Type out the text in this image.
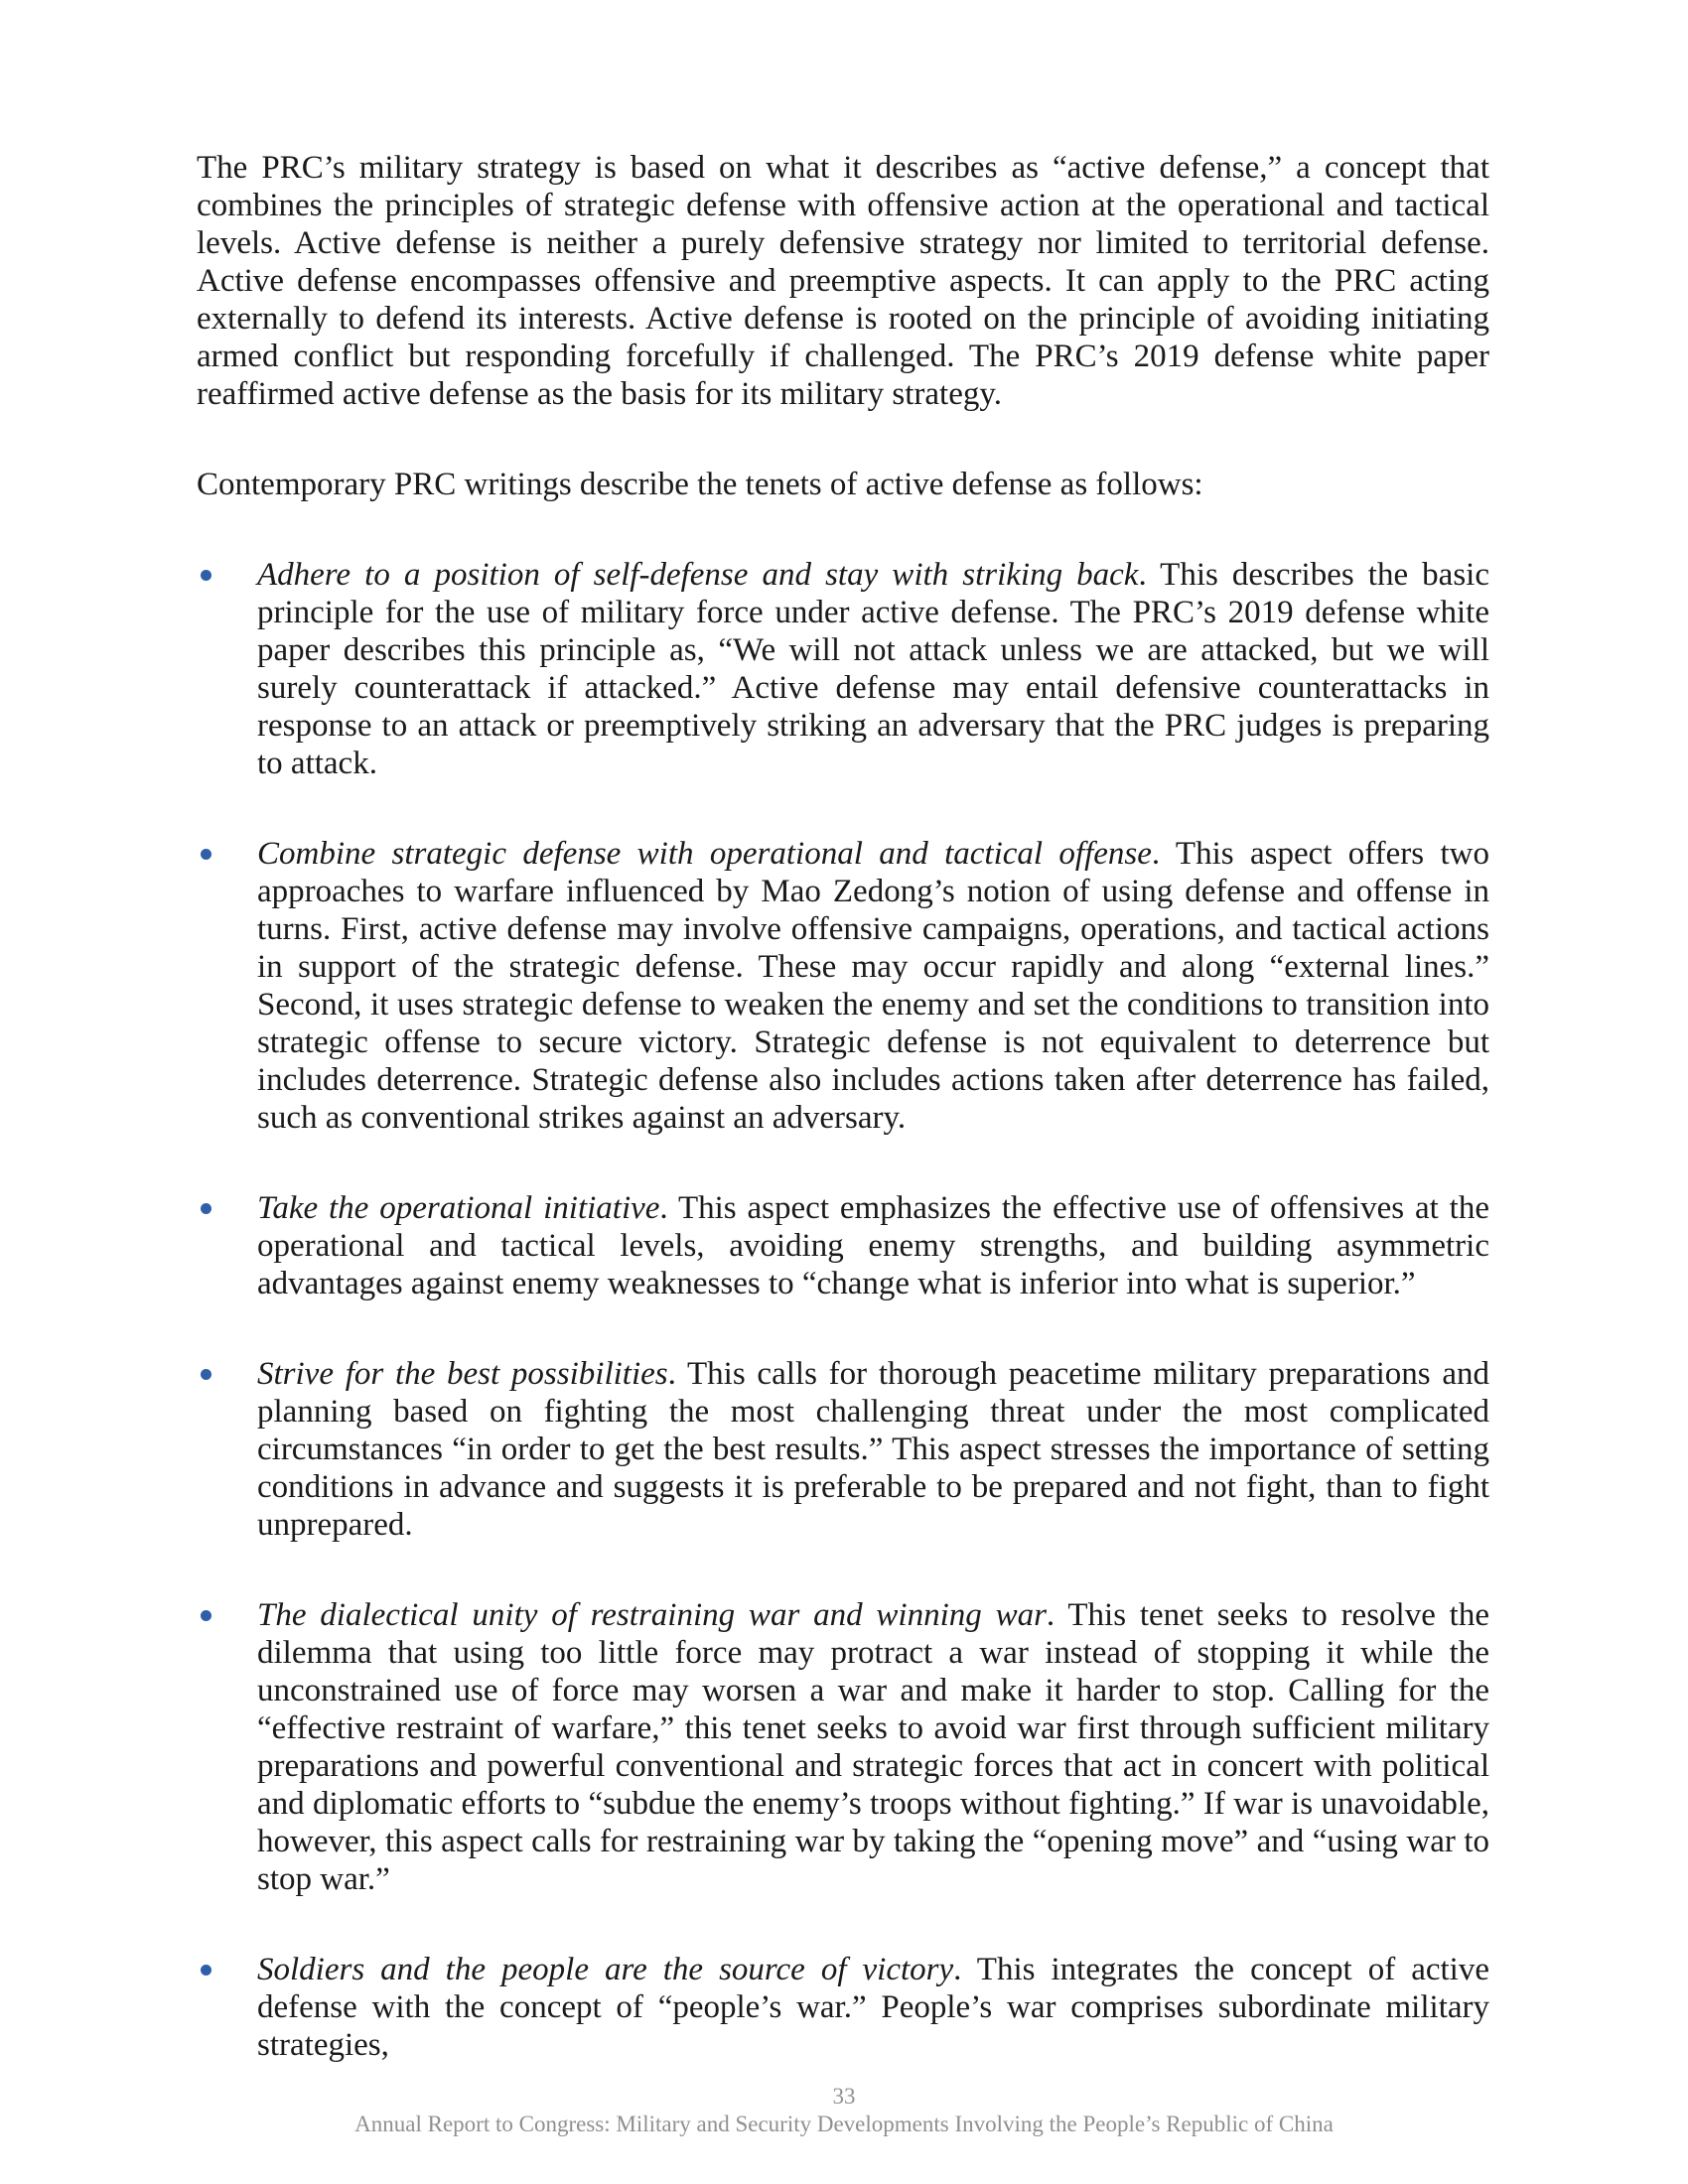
The PRC’s military strategy is based on what it describes as “active defense,” a concept that combines the principles of strategic defense with offensive action at the operational and tactical levels. Active defense is neither a purely defensive strategy nor limited to territorial defense. Active defense encompasses offensive and preemptive aspects. It can apply to the PRC acting externally to defend its interests. Active defense is rooted on the principle of avoiding initiating armed conflict but responding forcefully if challenged. The PRC’s 2019 defense white paper reaffirmed active defense as the basis for its military strategy.

Contemporary PRC writings describe the tenets of active defense as follows:

Adhere to a position of self-defense and stay with striking back. This describes the basic principle for the use of military force under active defense. The PRC’s 2019 defense white paper describes this principle as, “We will not attack unless we are attacked, but we will surely counterattack if attacked.” Active defense may entail defensive counterattacks in response to an attack or preemptively striking an adversary that the PRC judges is preparing to attack.
Combine strategic defense with operational and tactical offense. This aspect offers two approaches to warfare influenced by Mao Zedong’s notion of using defense and offense in turns. First, active defense may involve offensive campaigns, operations, and tactical actions in support of the strategic defense. These may occur rapidly and along “external lines.” Second, it uses strategic defense to weaken the enemy and set the conditions to transition into strategic offense to secure victory. Strategic defense is not equivalent to deterrence but includes deterrence. Strategic defense also includes actions taken after deterrence has failed, such as conventional strikes against an adversary.
Take the operational initiative. This aspect emphasizes the effective use of offensives at the operational and tactical levels, avoiding enemy strengths, and building asymmetric advantages against enemy weaknesses to “change what is inferior into what is superior.”
Strive for the best possibilities. This calls for thorough peacetime military preparations and planning based on fighting the most challenging threat under the most complicated circumstances “in order to get the best results.” This aspect stresses the importance of setting conditions in advance and suggests it is preferable to be prepared and not fight, than to fight unprepared.
The dialectical unity of restraining war and winning war. This tenet seeks to resolve the dilemma that using too little force may protract a war instead of stopping it while the unconstrained use of force may worsen a war and make it harder to stop. Calling for the “effective restraint of warfare,” this tenet seeks to avoid war first through sufficient military preparations and powerful conventional and strategic forces that act in concert with political and diplomatic efforts to “subdue the enemy’s troops without fighting.” If war is unavoidable, however, this aspect calls for restraining war by taking the “opening move” and “using war to stop war.”
Soldiers and the people are the source of victory. This integrates the concept of active defense with the concept of “people’s war.” People’s war comprises subordinate military strategies,
33
Annual Report to Congress: Military and Security Developments Involving the People’s Republic of China
